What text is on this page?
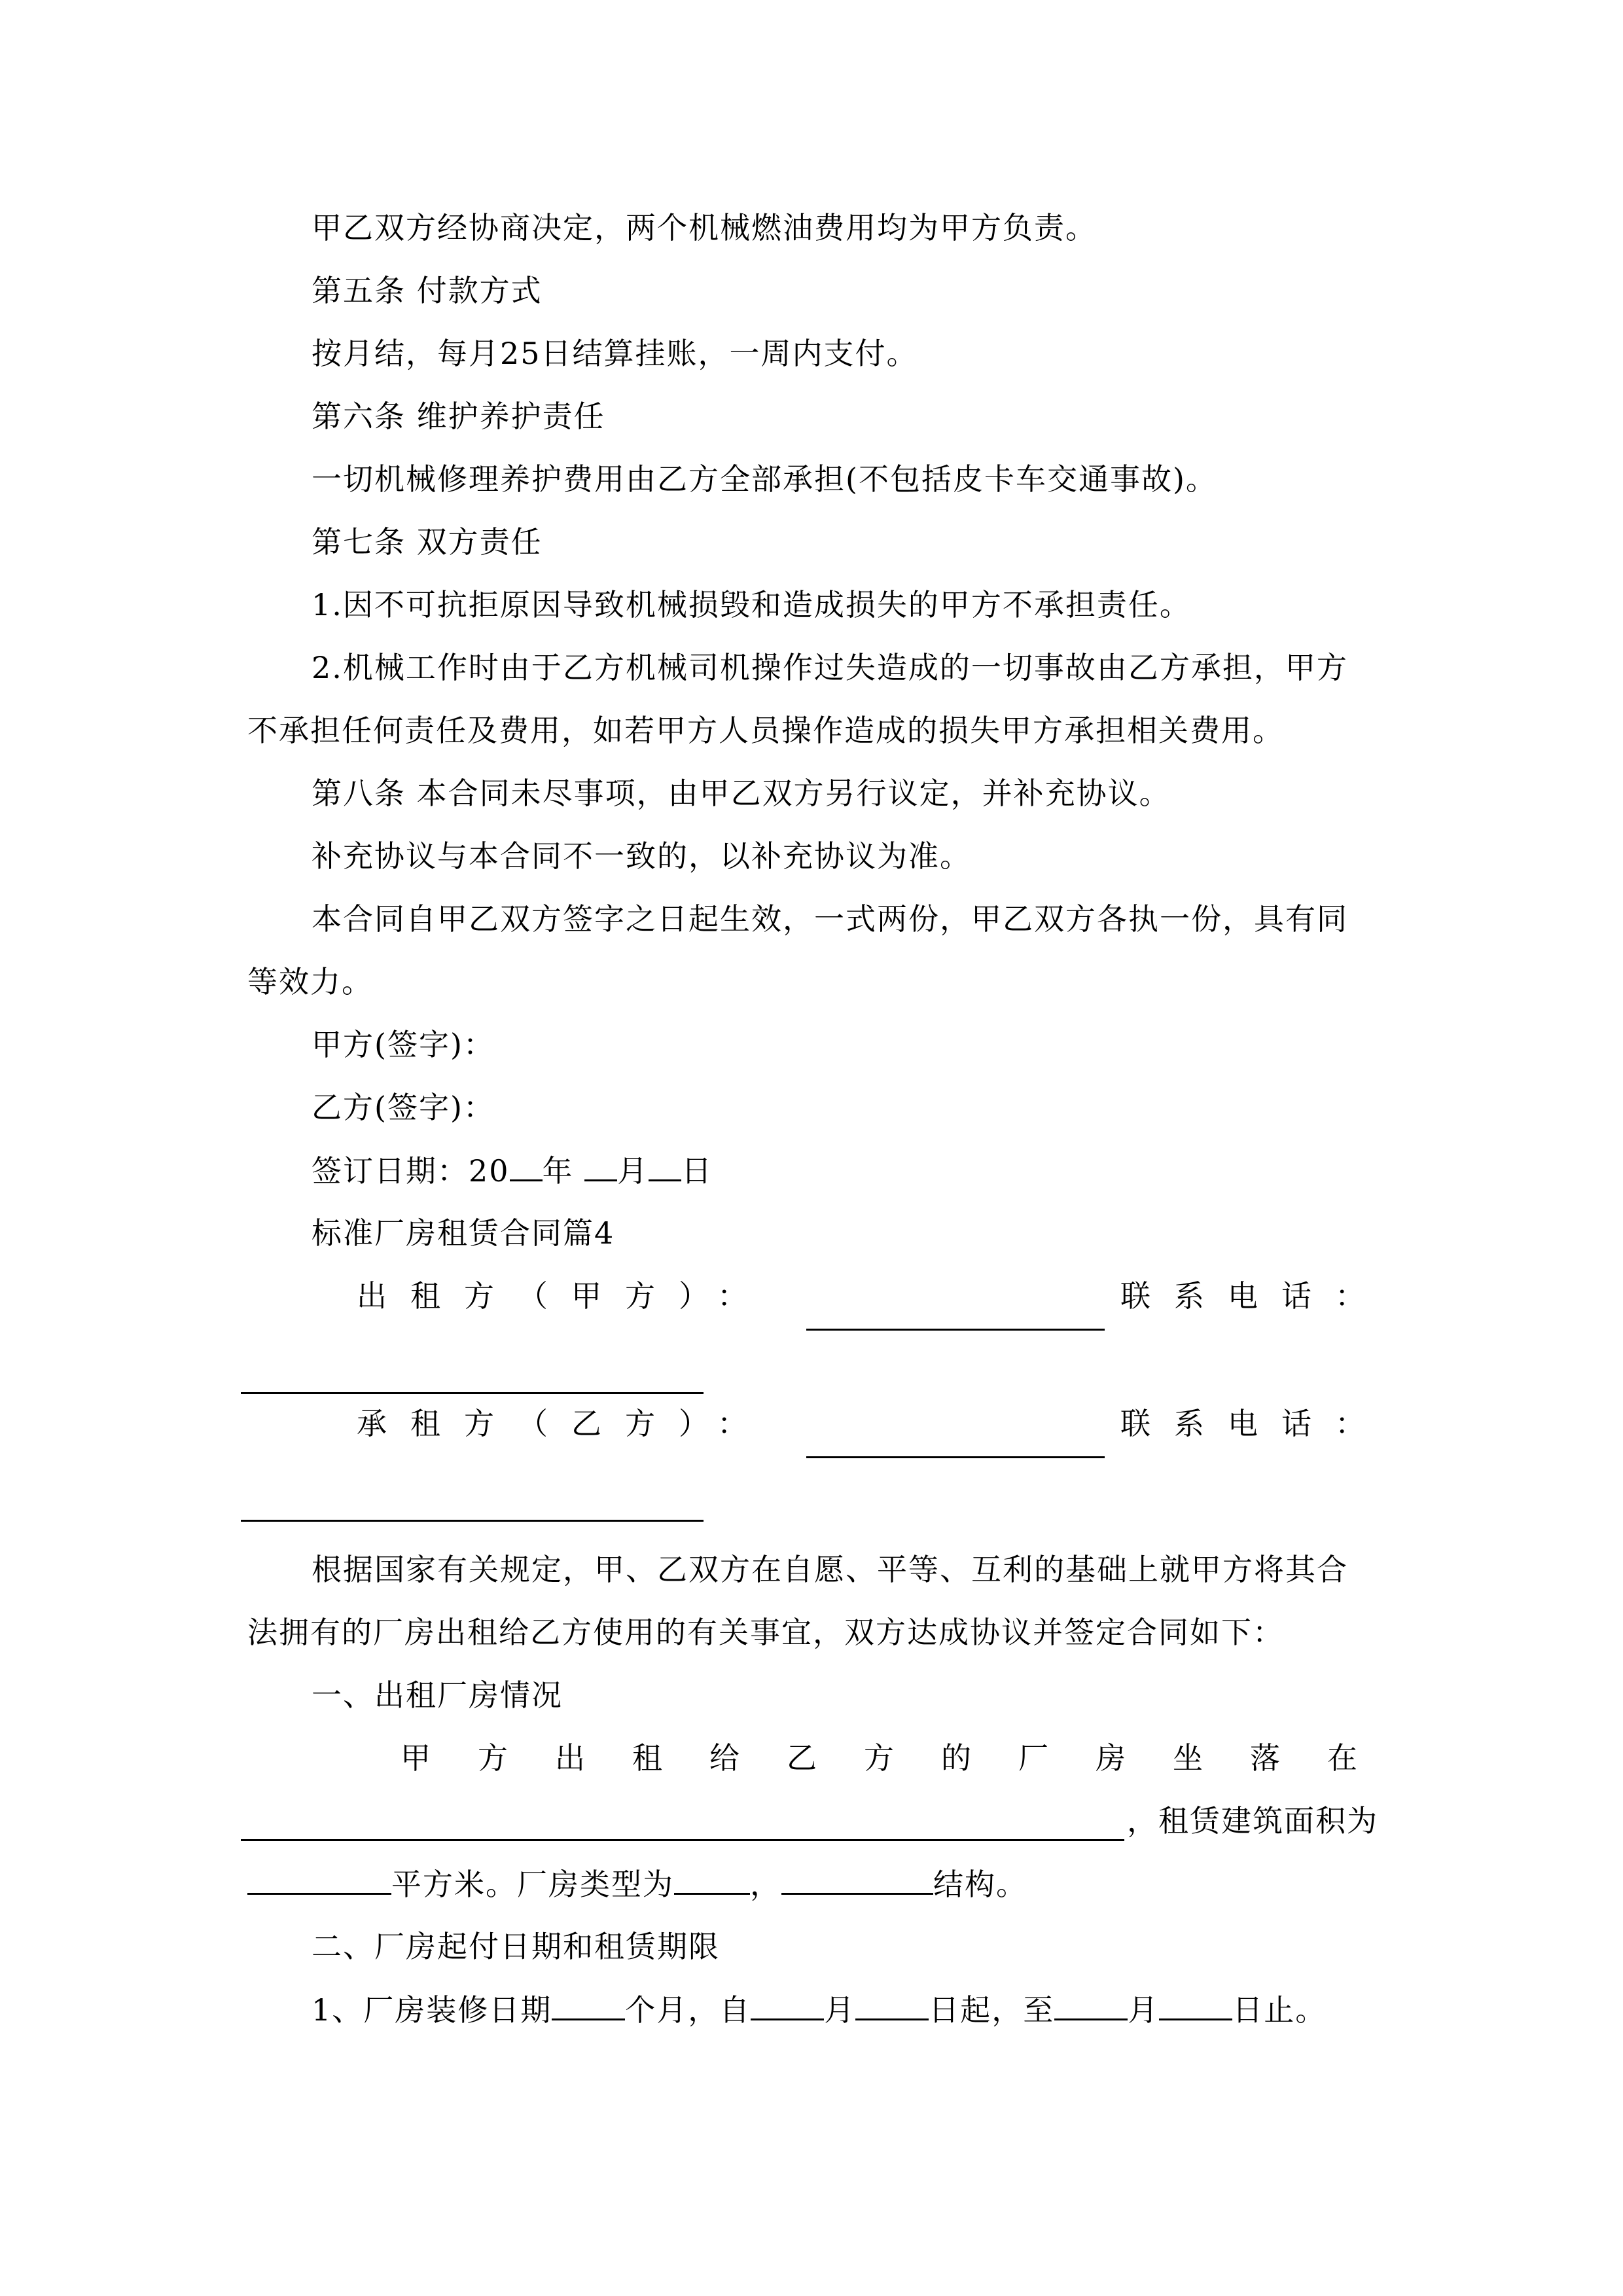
甲乙双方经协商决定，两个机械燃油费用均为甲方负责。
第五条 付款方式
按月结，每月25日结算挂账，一周内支付。
第六条 维护养护责任
一切机械修理养护费用由乙方全部承担(不包括皮卡车交通事故)。
第七条 双方责任
1.因不可抗拒原因导致机械损毁和造成损失的甲方不承担责任。
2.机械工作时由于乙方机械司机操作过失造成的一切事故由乙方承担，甲方
不承担任何责任及费用，如若甲方人员操作造成的损失甲方承担相关费用。
第八条 本合同未尽事项，由甲乙双方另行议定，并补充协议。
补充协议与本合同不一致的，以补充协议为准。
本合同自甲乙双方签字之日起生效，一式两份，甲乙双方各执一份，具有同
等效力。
甲方(签字)：
乙方(签字)：
签订日期：20 年 月 日
标准厂房租赁合同篇4
出租方（甲方）：	联系电话：
承租方（乙方）：	联系电话：
根据国家有关规定，甲、乙双方在自愿、平等、互利的基础上就甲方将其合
法拥有的厂房出租给乙方使用的有关事宜，双方达成协议并签定合同如下：
一、出租厂房情况
甲方出租给乙方的厂房坐落在
，租赁建筑面积为
平方米。厂房类型为	，	结构。
二、厂房起付日期和租赁期限
1、厂房装修日期 个月，自 月 日起，至 月 日止。
